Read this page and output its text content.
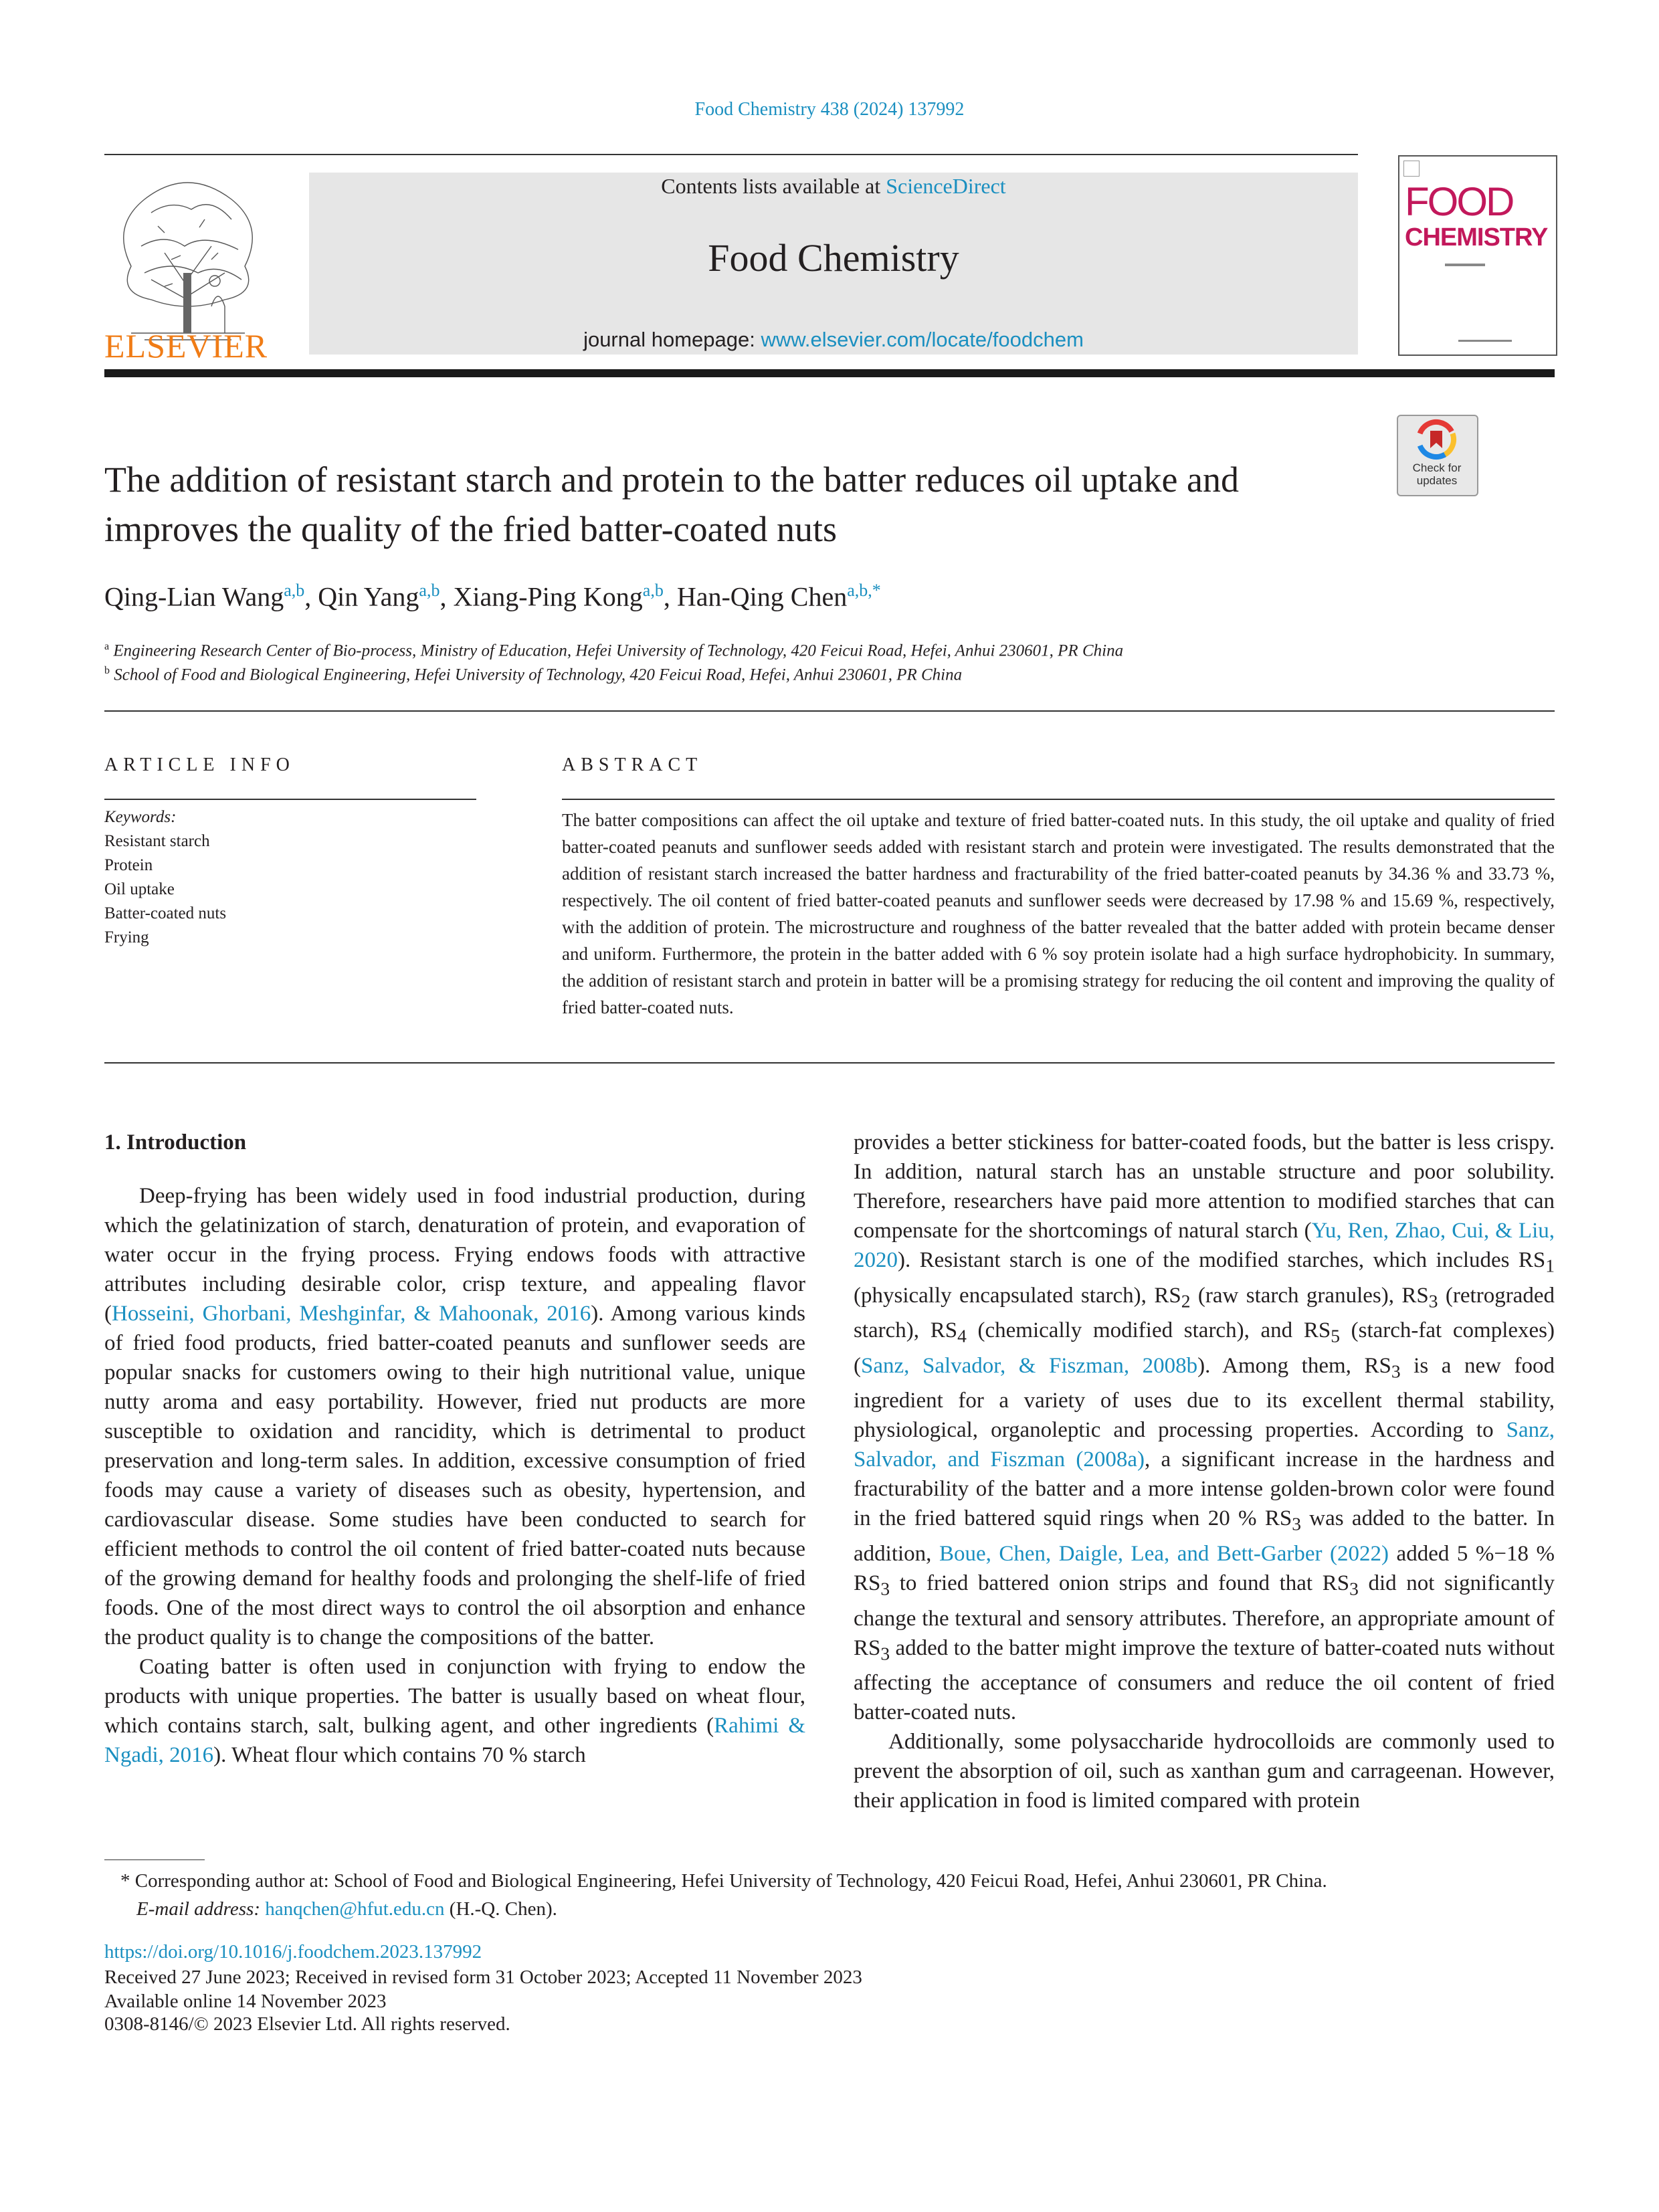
Food Chemistry 438 (2024) 137992
ELSEVIER
Contents lists available at ScienceDirect
Food Chemistry
journal homepage: www.elsevier.com/locate/foodchem
FOOD
CHEMISTRY
Check for
updates
The addition of resistant starch and protein to the batter reduces oil uptake and improves the quality of the fried batter-coated nuts
Qing-Lian Wang$^{a,b}$, Qin Yang$^{a,b}$, Xiang-Ping Kong$^{a,b}$, Han-Qing Chen$^{a,b,*}$
$^a$ Engineering Research Center of Bio-process, Ministry of Education, Hefei University of Technology, 420 Feicui Road, Hefei, Anhui 230601, PR China
$^b$ School of Food and Biological Engineering, Hefei University of Technology, 420 Feicui Road, Hefei, Anhui 230601, PR China
ARTICLE INFO
Keywords:
Resistant starch
Protein
Oil uptake
Batter-coated nuts
Frying
ABSTRACT
The batter compositions can affect the oil uptake and texture of fried batter-coated nuts. In this study, the oil uptake and quality of fried batter-coated peanuts and sunflower seeds added with resistant starch and protein were investigated. The results demonstrated that the addition of resistant starch increased the batter hardness and fracturability of the fried batter-coated peanuts by 34.36 % and 33.73 %, respectively. The oil content of fried batter-coated peanuts and sunflower seeds were decreased by 17.98 % and 15.69 %, respectively, with the addition of protein. The microstructure and roughness of the batter revealed that the batter added with protein became denser and uniform. Furthermore, the protein in the batter added with 6 % soy protein isolate had a high surface hydrophobicity. In summary, the addition of resistant starch and protein in batter will be a promising strategy for reducing the oil content and improving the quality of fried batter-coated nuts.

1. Introduction

Deep-frying has been widely used in food industrial production, during which the gelatinization of starch, denaturation of protein, and evaporation of water occur in the frying process. Frying endows foods with attractive attributes including desirable color, crisp texture, and appealing flavor (Hosseini, Ghorbani, Meshginfar, & Mahoonak, 2016). Among various kinds of fried food products, fried batter-coated peanuts and sunflower seeds are popular snacks for customers owing to their high nutritional value, unique nutty aroma and easy portability. However, fried nut products are more susceptible to oxidation and rancidity, which is detrimental to product preservation and long-term sales. In addition, excessive consumption of fried foods may cause a variety of diseases such as obesity, hypertension, and cardiovascular disease. Some studies have been conducted to search for efficient methods to control the oil content of fried batter-coated nuts because of the growing demand for healthy foods and prolonging the shelf-life of fried foods. One of the most direct ways to control the oil absorption and enhance the product quality is to change the compositions of the batter.

Coating batter is often used in conjunction with frying to endow the products with unique properties. The batter is usually based on wheat flour, which contains starch, salt, bulking agent, and other ingredients (Rahimi & Ngadi, 2016). Wheat flour which contains 70 % starch

provides a better stickiness for batter-coated foods, but the batter is less crispy. In addition, natural starch has an unstable structure and poor solubility. Therefore, researchers have paid more attention to modified starches that can compensate for the shortcomings of natural starch (Yu, Ren, Zhao, Cui, & Liu, 2020). Resistant starch is one of the modified starches, which includes $RS_1$ (physically encapsulated starch), $RS_2$ (raw starch granules), $RS_3$ (retrograded starch), $RS_4$ (chemically modified starch), and $RS_5$ (starch-fat complexes) (Sanz, Salvador, & Fiszman, 2008b). Among them, $RS_3$ is a new food ingredient for a variety of uses due to its excellent thermal stability, physiological, organoleptic and processing properties. According to Sanz, Salvador, and Fiszman (2008a), a significant increase in the hardness and fracturability of the batter and a more intense golden-brown color were found in the fried battered squid rings when 20 % $RS_3$ was added to the batter. In addition, Boue, Chen, Daigle, Lea, and Bett-Garber (2022) added 5 %−18 % $RS_3$ to fried battered onion strips and found that $RS_3$ did not significantly change the textural and sensory attributes. Therefore, an appropriate amount of $RS_3$ added to the batter might improve the texture of batter-coated nuts without affecting the acceptance of consumers and reduce the oil content of fried batter-coated nuts.

Additionally, some polysaccharide hydrocolloids are commonly used to prevent the absorption of oil, such as xanthan gum and carrageenan. However, their application in food is limited compared with protein

* Corresponding author at: School of Food and Biological Engineering, Hefei University of Technology, 420 Feicui Road, Hefei, Anhui 230601, PR China.
E-mail address: hanqchen@hfut.edu.cn (H.-Q. Chen).
https://doi.org/10.1016/j.foodchem.2023.137992
Received 27 June 2023; Received in revised form 31 October 2023; Accepted 11 November 2023
Available online 14 November 2023
0308-8146/© 2023 Elsevier Ltd. All rights reserved.
